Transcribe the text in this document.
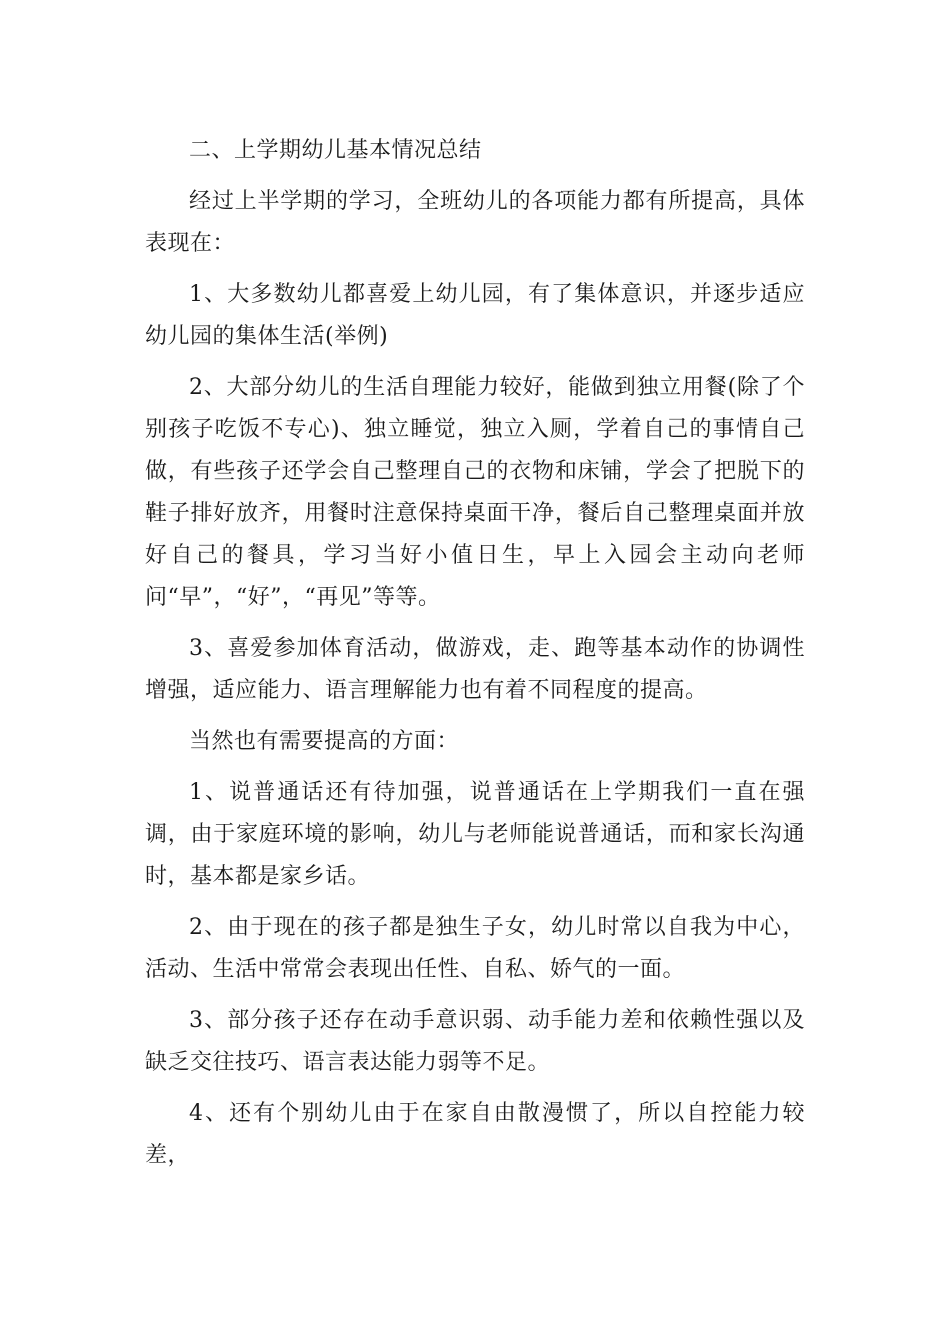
二、上学期幼儿基本情况总结

经过上半学期的学习，全班幼儿的各项能力都有所提高，具体表现在：

1、大多数幼儿都喜爱上幼儿园，有了集体意识，并逐步适应幼儿园的集体生活(举例)

2、大部分幼儿的生活自理能力较好，能做到独立用餐(除了个别孩子吃饭不专心)、独立睡觉，独立入厕，学着自己的事情自己做，有些孩子还学会自己整理自己的衣物和床铺，学会了把脱下的鞋子排好放齐，用餐时注意保持桌面干净，餐后自己整理桌面并放好自己的餐具，学习当好小值日生，早上入园会主动向老师问“早”，“好”，“再见”等等。

3、喜爱参加体育活动，做游戏，走、跑等基本动作的协调性增强，适应能力、语言理解能力也有着不同程度的提高。

当然也有需要提高的方面：

1、说普通话还有待加强，说普通话在上学期我们一直在强调，由于家庭环境的影响，幼儿与老师能说普通话，而和家长沟通时，基本都是家乡话。

2、由于现在的孩子都是独生子女，幼儿时常以自我为中心，活动、生活中常常会表现出任性、自私、娇气的一面。

3、部分孩子还存在动手意识弱、动手能力差和依赖性强以及缺乏交往技巧、语言表达能力弱等不足。

4、还有个别幼儿由于在家自由散漫惯了，所以自控能力较差，
